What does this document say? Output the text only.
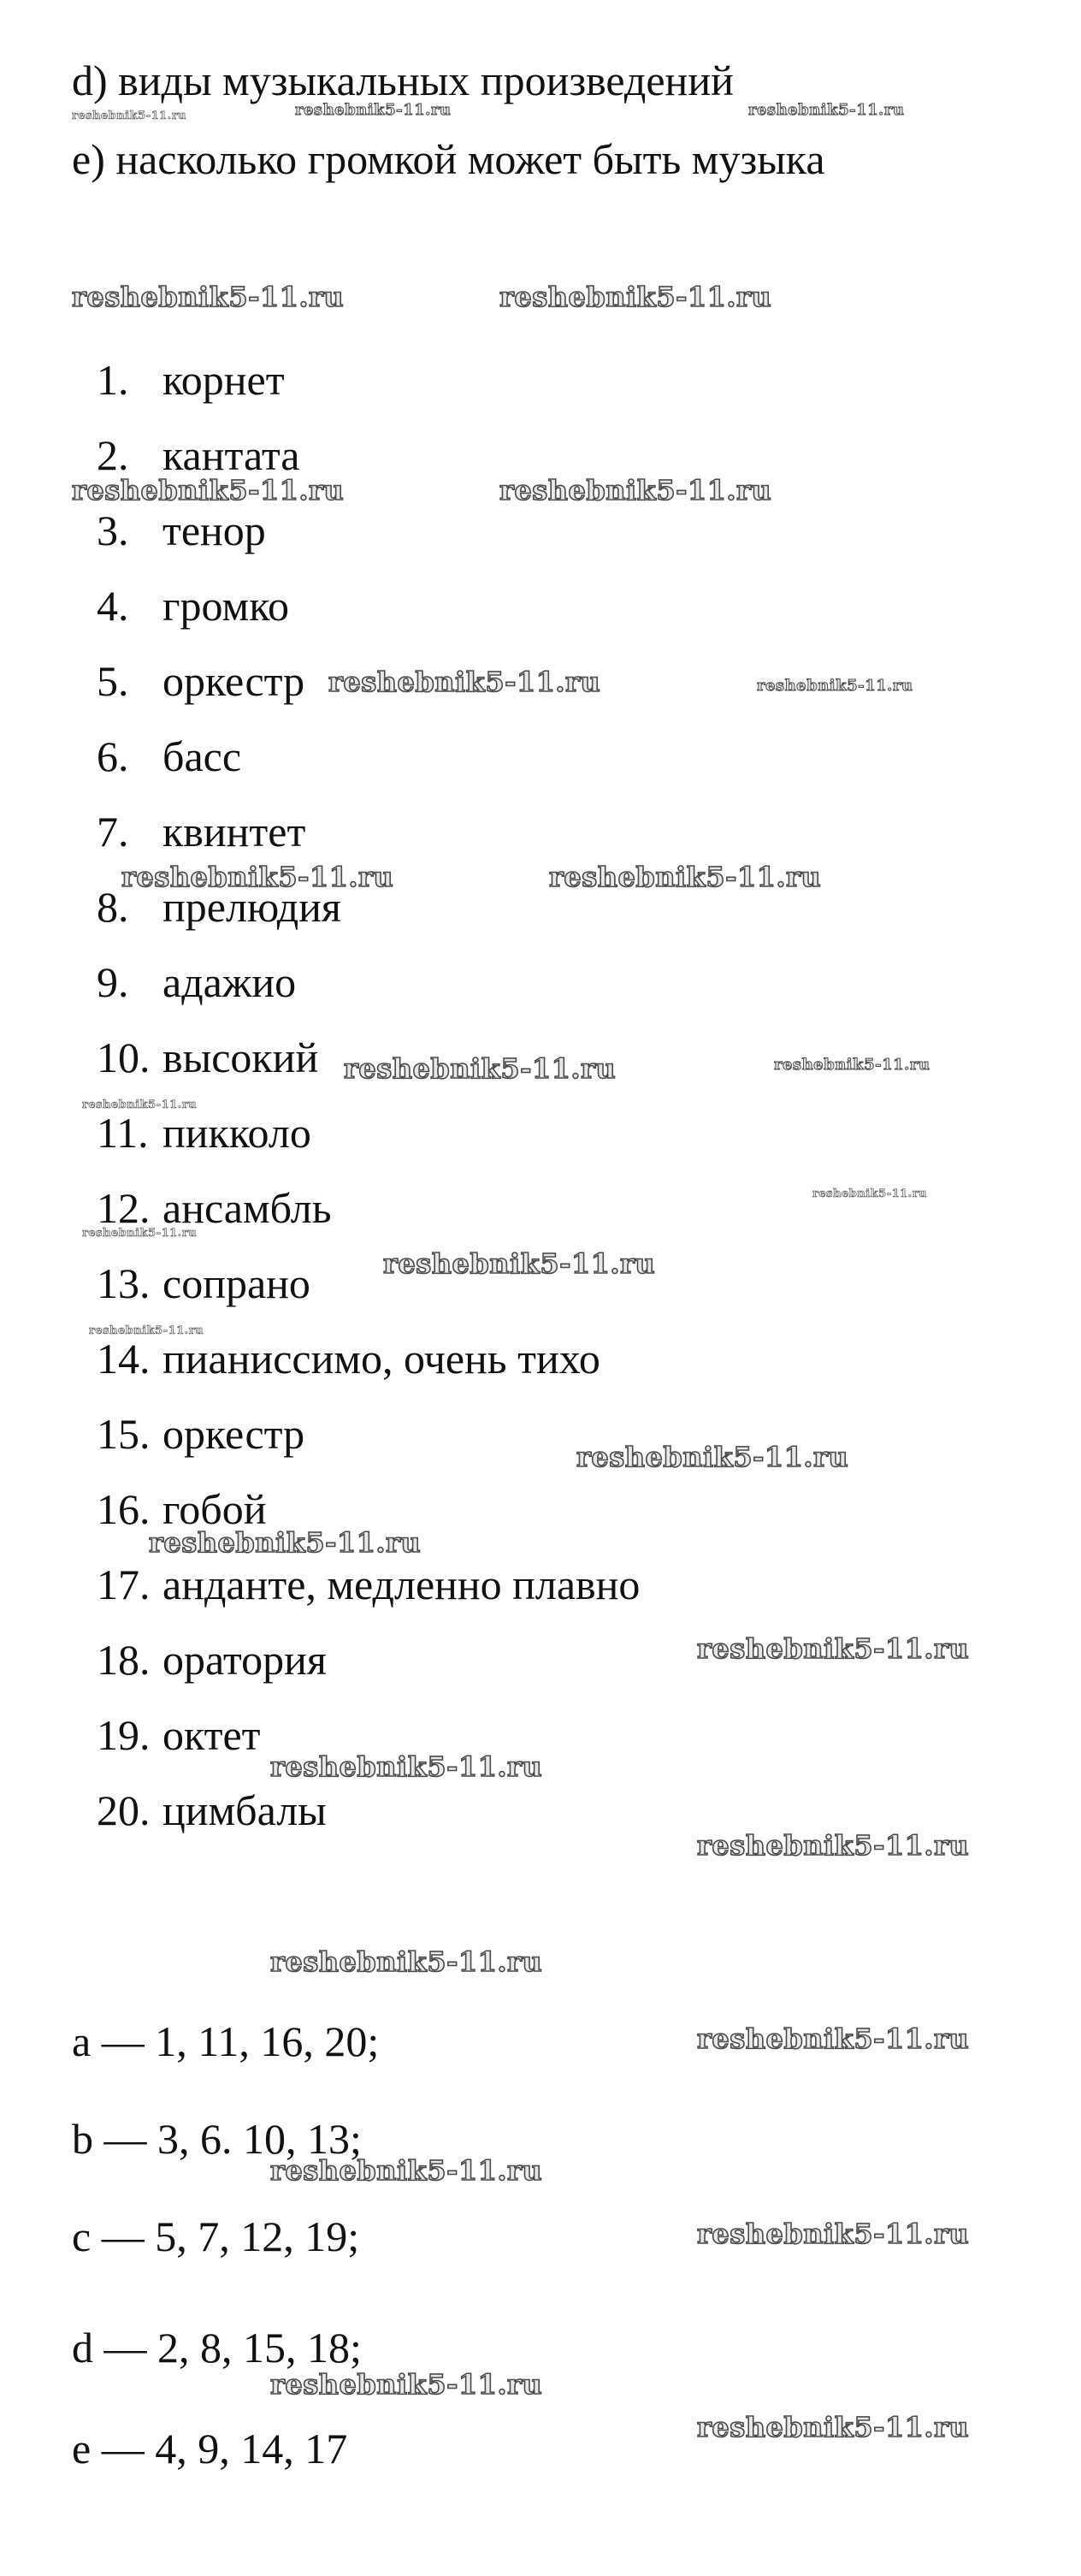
d) виды музыкальных произведений
e) насколько громкой может быть музыка
1. корнет
2. кантата
3. тенор
4. громко
5. оркестр
6. басс
7. квинтет
8. прелюдия
9. адажио
10. высокий
11. пикколо
12. ансамбль
13. сопрано
14. пианиссимо, очень тихо
15. оркестр
16. гобой
17. анданте, медленно плавно
18. оратория
19. октет
20. цимбалы
a — 1, 11, 16, 20;
b — 3, 6. 10, 13;
c — 5, 7, 12, 19;
d — 2, 8, 15, 18;
e — 4, 9, 14, 17
reshebnik5-11.ru	reshebnik5-11.ru	reshebnik5-11.ru
reshebnik5-11.ru	reshebnik5-11.ru
reshebnik5-11.ru	reshebnik5-11.ru
reshebnik5-11.ru	reshebnik5-11.ru
reshebnik5-11.ru	reshebnik5-11.ru
reshebnik5-11.ru	reshebnik5-11.ru
reshebnik5-11.ru
reshebnik5-11.ru
reshebnik5-11.ru
reshebnik5-11.ru
reshebnik5-11.ru
reshebnik5-11.ru
reshebnik5-11.ru
reshebnik5-11.ru
reshebnik5-11.ru
reshebnik5-11.ru
reshebnik5-11.ru
reshebnik5-11.ru
reshebnik5-11.ru
reshebnik5-11.ru
reshebnik5-11.ru
reshebnik5-11.ru
